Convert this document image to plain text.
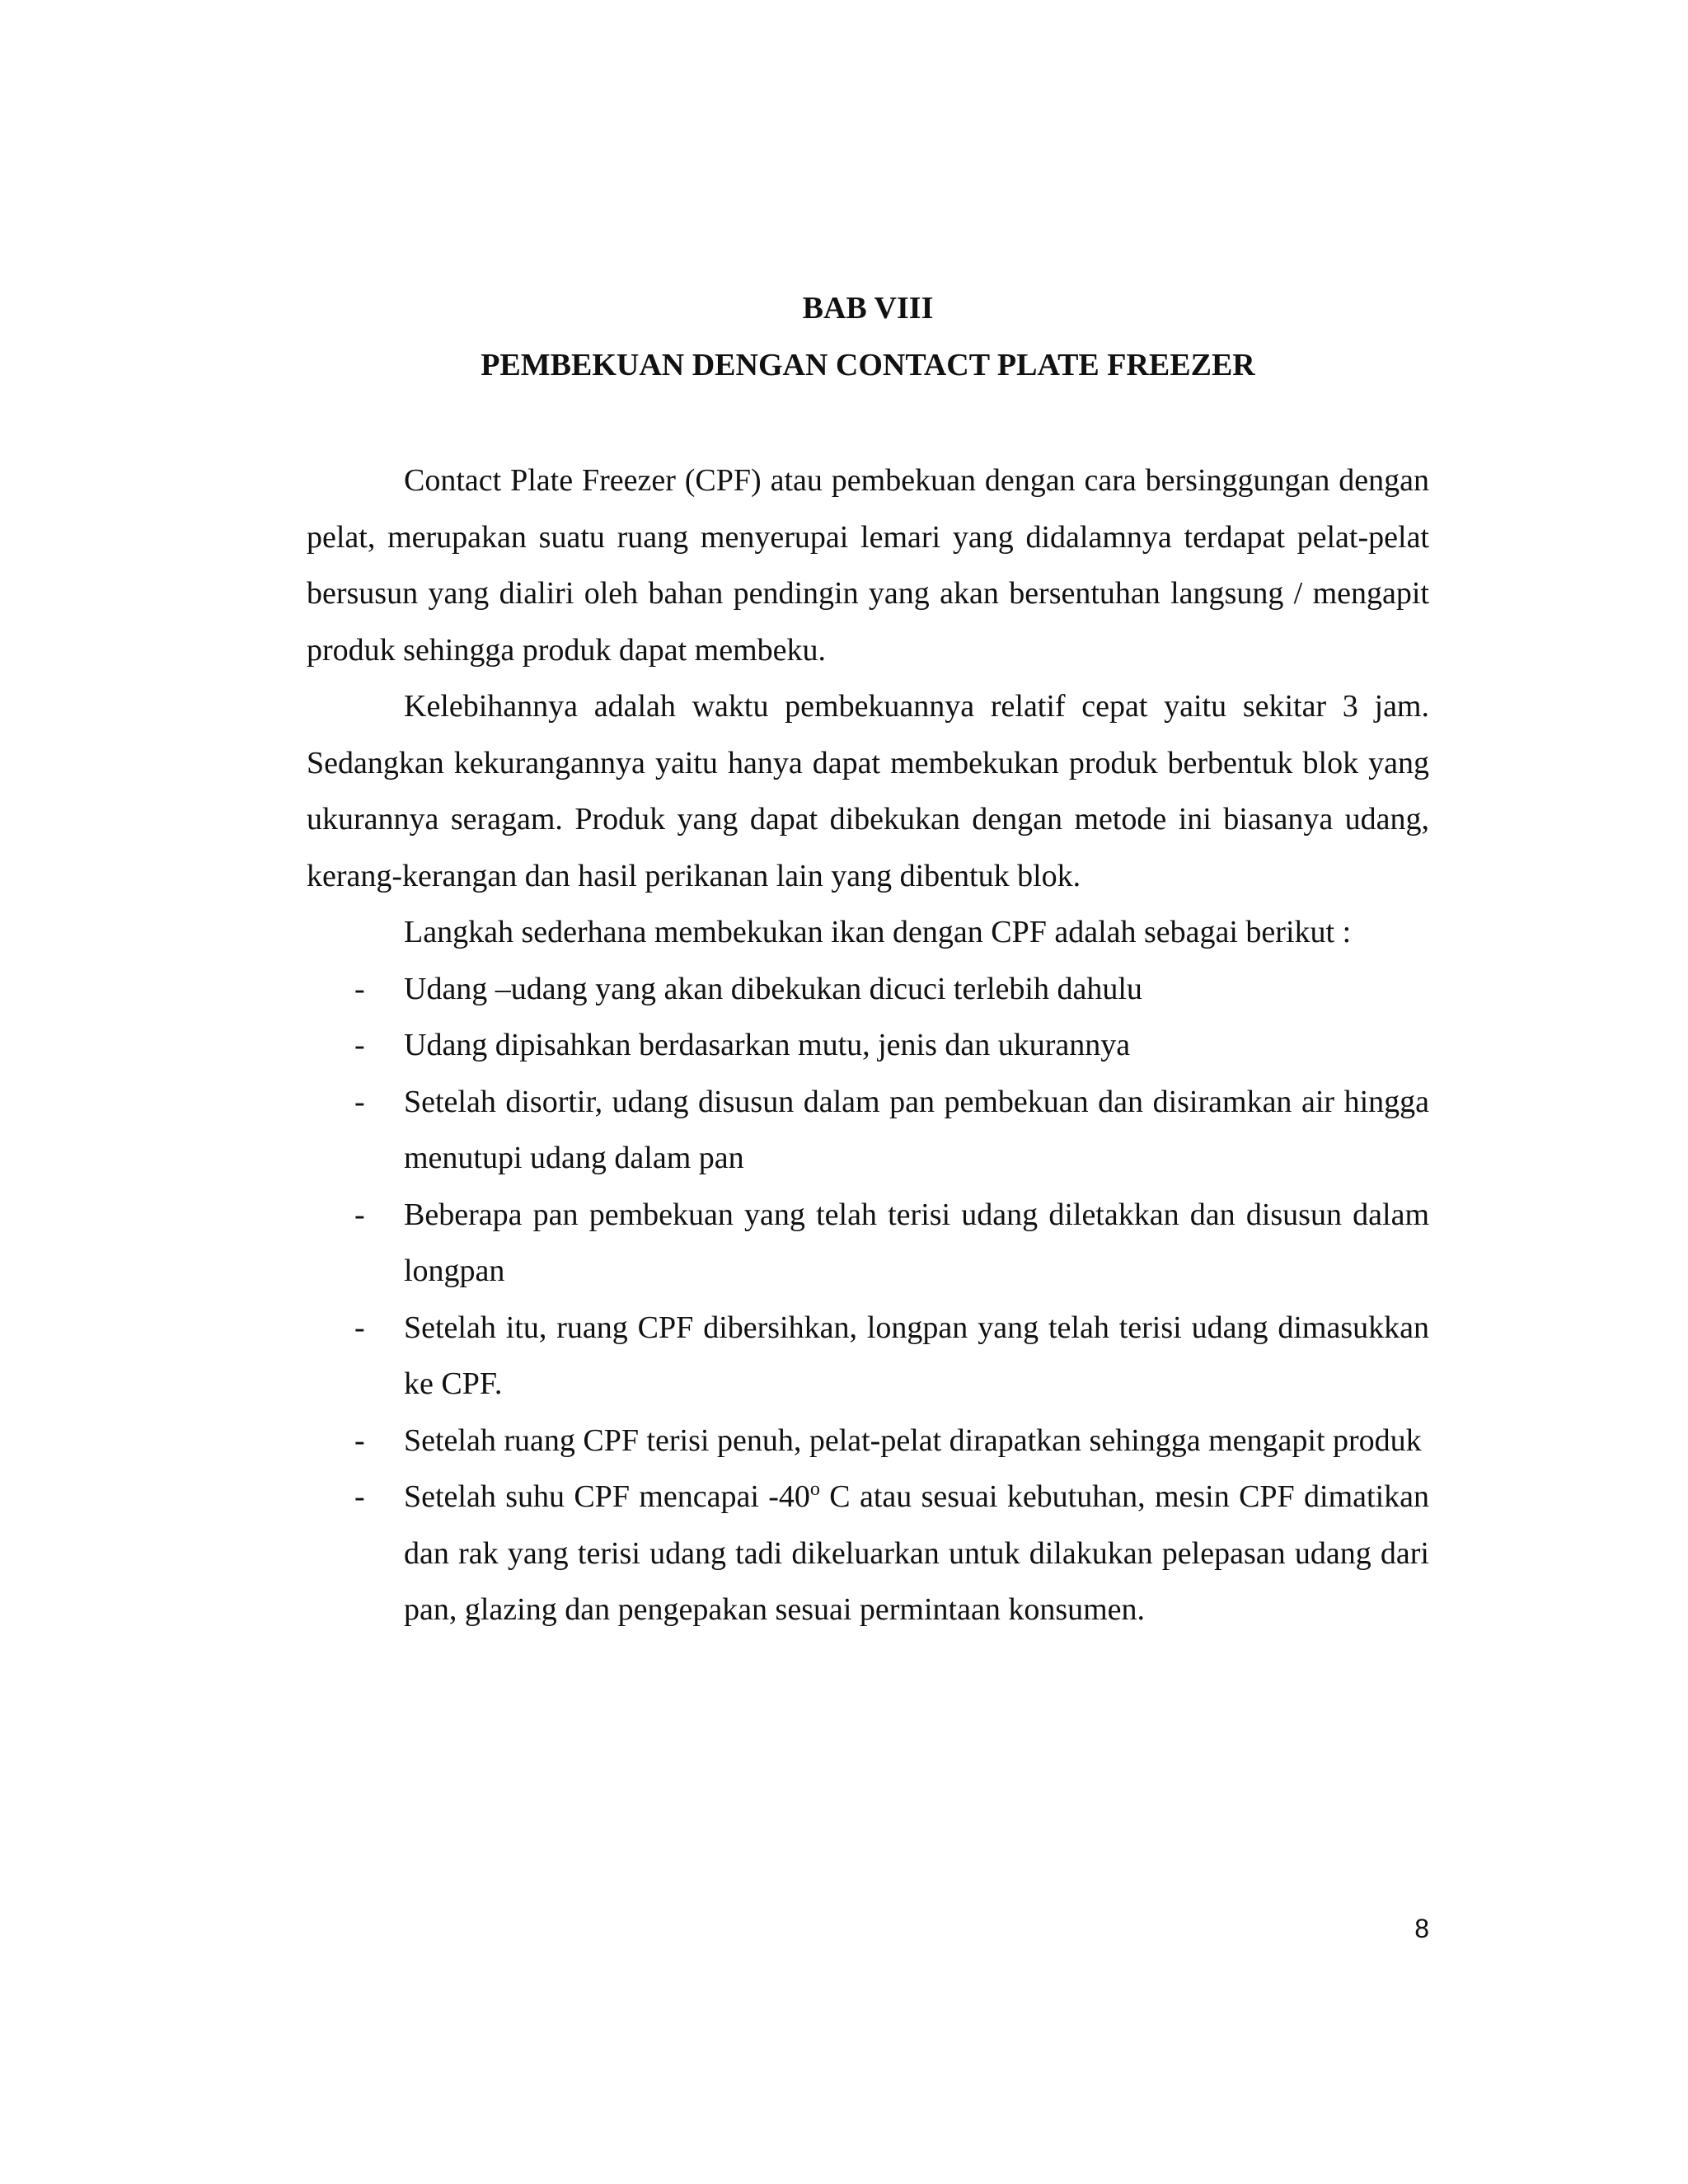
BAB VIII
PEMBEKUAN DENGAN CONTACT PLATE FREEZER

Contact Plate Freezer (CPF) atau pembekuan dengan cara bersinggungan dengan pelat, merupakan suatu ruang menyerupai lemari yang didalamnya terdapat pelat-pelat bersusun yang dialiri oleh bahan pendingin yang akan bersentuhan langsung / mengapit produk sehingga produk dapat membeku.

Kelebihannya adalah waktu pembekuannya relatif cepat yaitu sekitar 3 jam. Sedangkan kekurangannya yaitu hanya dapat membekukan produk berbentuk blok yang ukurannya seragam. Produk yang dapat dibekukan dengan metode ini biasanya udang, kerang-kerangan dan hasil perikanan lain yang dibentuk blok.

Langkah sederhana membekukan ikan dengan CPF adalah sebagai berikut :

- Udang –udang yang akan dibekukan dicuci terlebih dahulu
- Udang dipisahkan berdasarkan mutu, jenis dan ukurannya
- Setelah disortir, udang disusun dalam pan pembekuan dan disiramkan air hingga menutupi udang dalam pan
- Beberapa pan pembekuan yang telah terisi udang diletakkan dan disusun dalam longpan
- Setelah itu, ruang CPF dibersihkan, longpan yang telah terisi udang dimasukkan ke CPF.
- Setelah ruang CPF terisi penuh, pelat-pelat dirapatkan sehingga mengapit produk
- Setelah suhu CPF mencapai -40$^o$ C atau sesuai kebutuhan, mesin CPF dimatikan dan rak yang terisi udang tadi dikeluarkan untuk dilakukan pelepasan udang dari pan, glazing dan pengepakan sesuai permintaan konsumen.
8
